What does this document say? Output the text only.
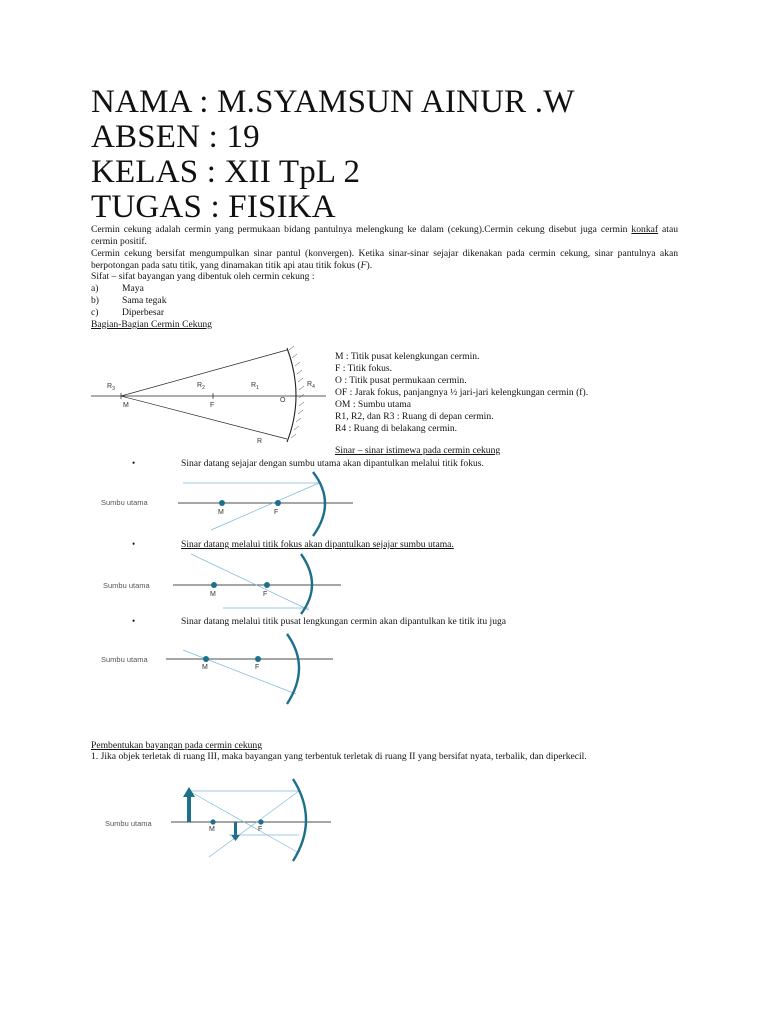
NAMA : M.SYAMSUN AINUR .W
ABSEN : 19
KELAS : XII TpL 2
TUGAS : FISIKA
Cermin cekung adalah cermin yang permukaan bidang pantulnya melengkung ke dalam (cekung).Cermin cekung disebut juga cermin konkaf atau cermin positif.
Cermin cekung bersifat mengumpulkan sinar pantul (konvergen). Ketika sinar-sinar sejajar dikenakan pada cermin cekung, sinar pantulnya akan berpotongan pada satu titik, yang dinamakan titik api atau titik fokus (F).
Sifat – sifat bayangan yang dibentuk oleh cermin cekung :
a) Maya
b) Sama tegak
c) Diperbesar
Bagian-Bagian Cermin Cekung
$R_3$	$R_2$	$R_1$	$R_4$
M	F
O
R
M : Titik pusat kelengkungan cermin.
F : Titik fokus.
O : Titik pusat permukaan cermin.
OF : Jarak fokus, panjangnya ½ jari-jari kelengkungan cermin (f).
OM : Sumbu utama
R1, R2, dan R3 : Ruang di depan cermin.
R4 : Ruang di belakang cermin.
Sinar – sinar istimewa pada cermin cekung
•	Sinar datang sejajar dengan sumbu utama akan dipantulkan melalui titik fokus.
Sumbu utama
M	F
•	Sinar datang melalui titik fokus akan dipantulkan sejajar sumbu utama.
Sumbu utama
M	F
•	Sinar datang melalui titik pusat lengkungan cermin akan dipantulkan ke titik itu juga
Sumbu utama
M	F
Pembentukan bayangan pada cermin cekung
1. Jika objek terletak di ruang III, maka bayangan yang terbentuk terletak di ruang II yang bersifat nyata, terbalik, dan diperkecil.
Sumbu utama
M	F
